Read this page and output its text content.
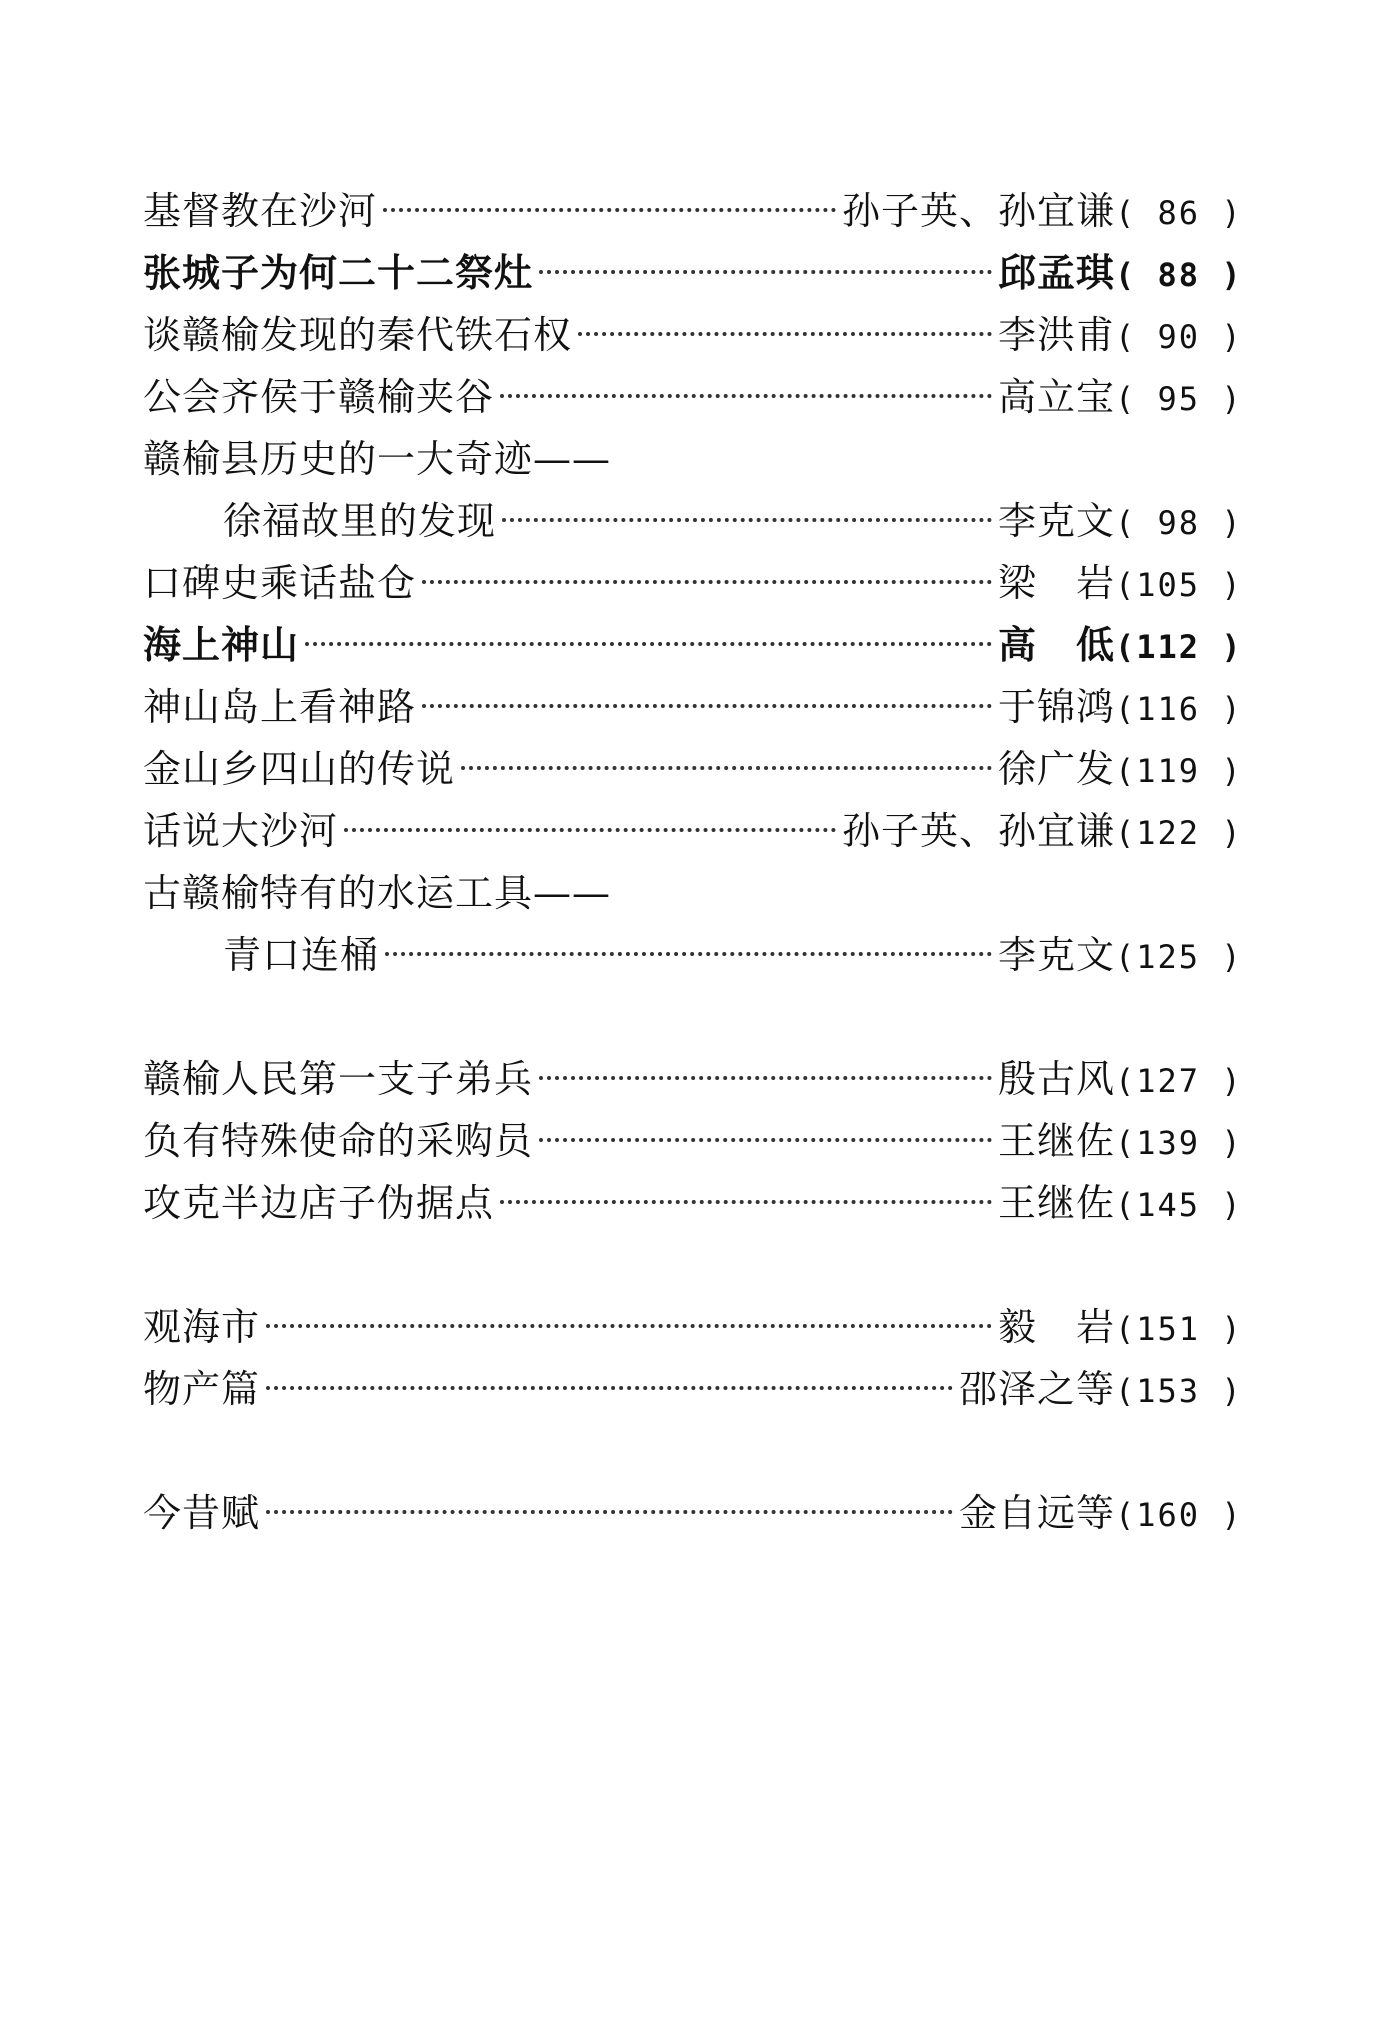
基督教在沙河	孙子英、孙宜谦 ( 86 )
张城子为何二十二祭灶	邱孟琪 ( 88 )
谈赣榆发现的秦代铁石权	李洪甫 ( 90 )
公会齐侯于赣榆夹谷	高立宝 ( 95 )
赣榆县历史的一大奇迹——
徐福故里的发现	李克文 ( 98 )
口碑史乘话盐仓	梁　岩 (105 )
海上神山	高　低 (112 )
神山岛上看神路	于锦鸿 (116 )
金山乡四山的传说	徐广发 (119 )
话说大沙河	孙子英、孙宜谦 (122 )
古赣榆特有的水运工具——
青口连桶	李克文 (125 )
赣榆人民第一支子弟兵	殷古风 (127 )
负有特殊使命的采购员	王继佐 (139 )
攻克半边店子伪据点	王继佐 (145 )
观海市	毅　岩 (151 )
物产篇	邵泽之等 (153 )
今昔赋	金自远等 (160 )
